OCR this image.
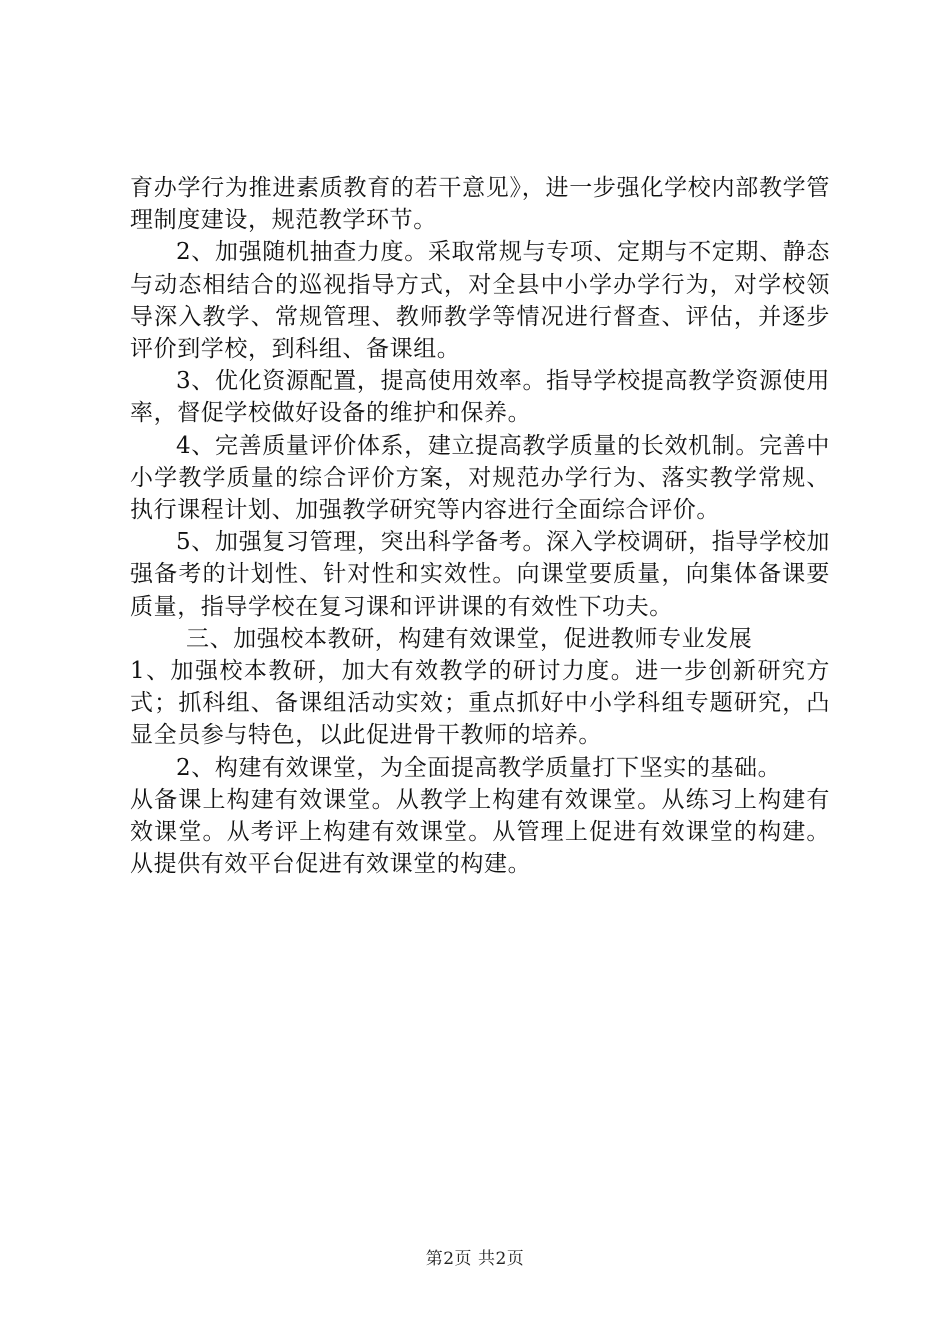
育办学行为推进素质教育的若干意见》，进一步强化学校内部教学管理制度建设，规范教学环节。

2、加强随机抽查力度。采取常规与专项、定期与不定期、静态与动态相结合的巡视指导方式，对全县中小学办学行为，对学校领导深入教学、常规管理、教师教学等情况进行督查、评估，并逐步评价到学校，到科组、备课组。

3、优化资源配置，提高使用效率。指导学校提高教学资源使用率，督促学校做好设备的维护和保养。

4、完善质量评价体系，建立提高教学质量的长效机制。完善中小学教学质量的综合评价方案，对规范办学行为、落实教学常规、执行课程计划、加强教学研究等内容进行全面综合评价。

5、加强复习管理，突出科学备考。深入学校调研，指导学校加强备考的计划性、针对性和实效性。向课堂要质量，向集体备课要质量，指导学校在复习课和评讲课的有效性下功夫。

三、加强校本教研，构建有效课堂，促进教师专业发展

1、加强校本教研，加大有效教学的研讨力度。进一步创新研究方式；抓科组、备课组活动实效；重点抓好中小学科组专题研究，凸显全员参与特色，以此促进骨干教师的培养。

2、构建有效课堂，为全面提高教学质量打下坚实的基础。

从备课上构建有效课堂。从教学上构建有效课堂。从练习上构建有效课堂。从考评上构建有效课堂。从管理上促进有效课堂的构建。从提供有效平台促进有效课堂的构建。

第2页 共2页
